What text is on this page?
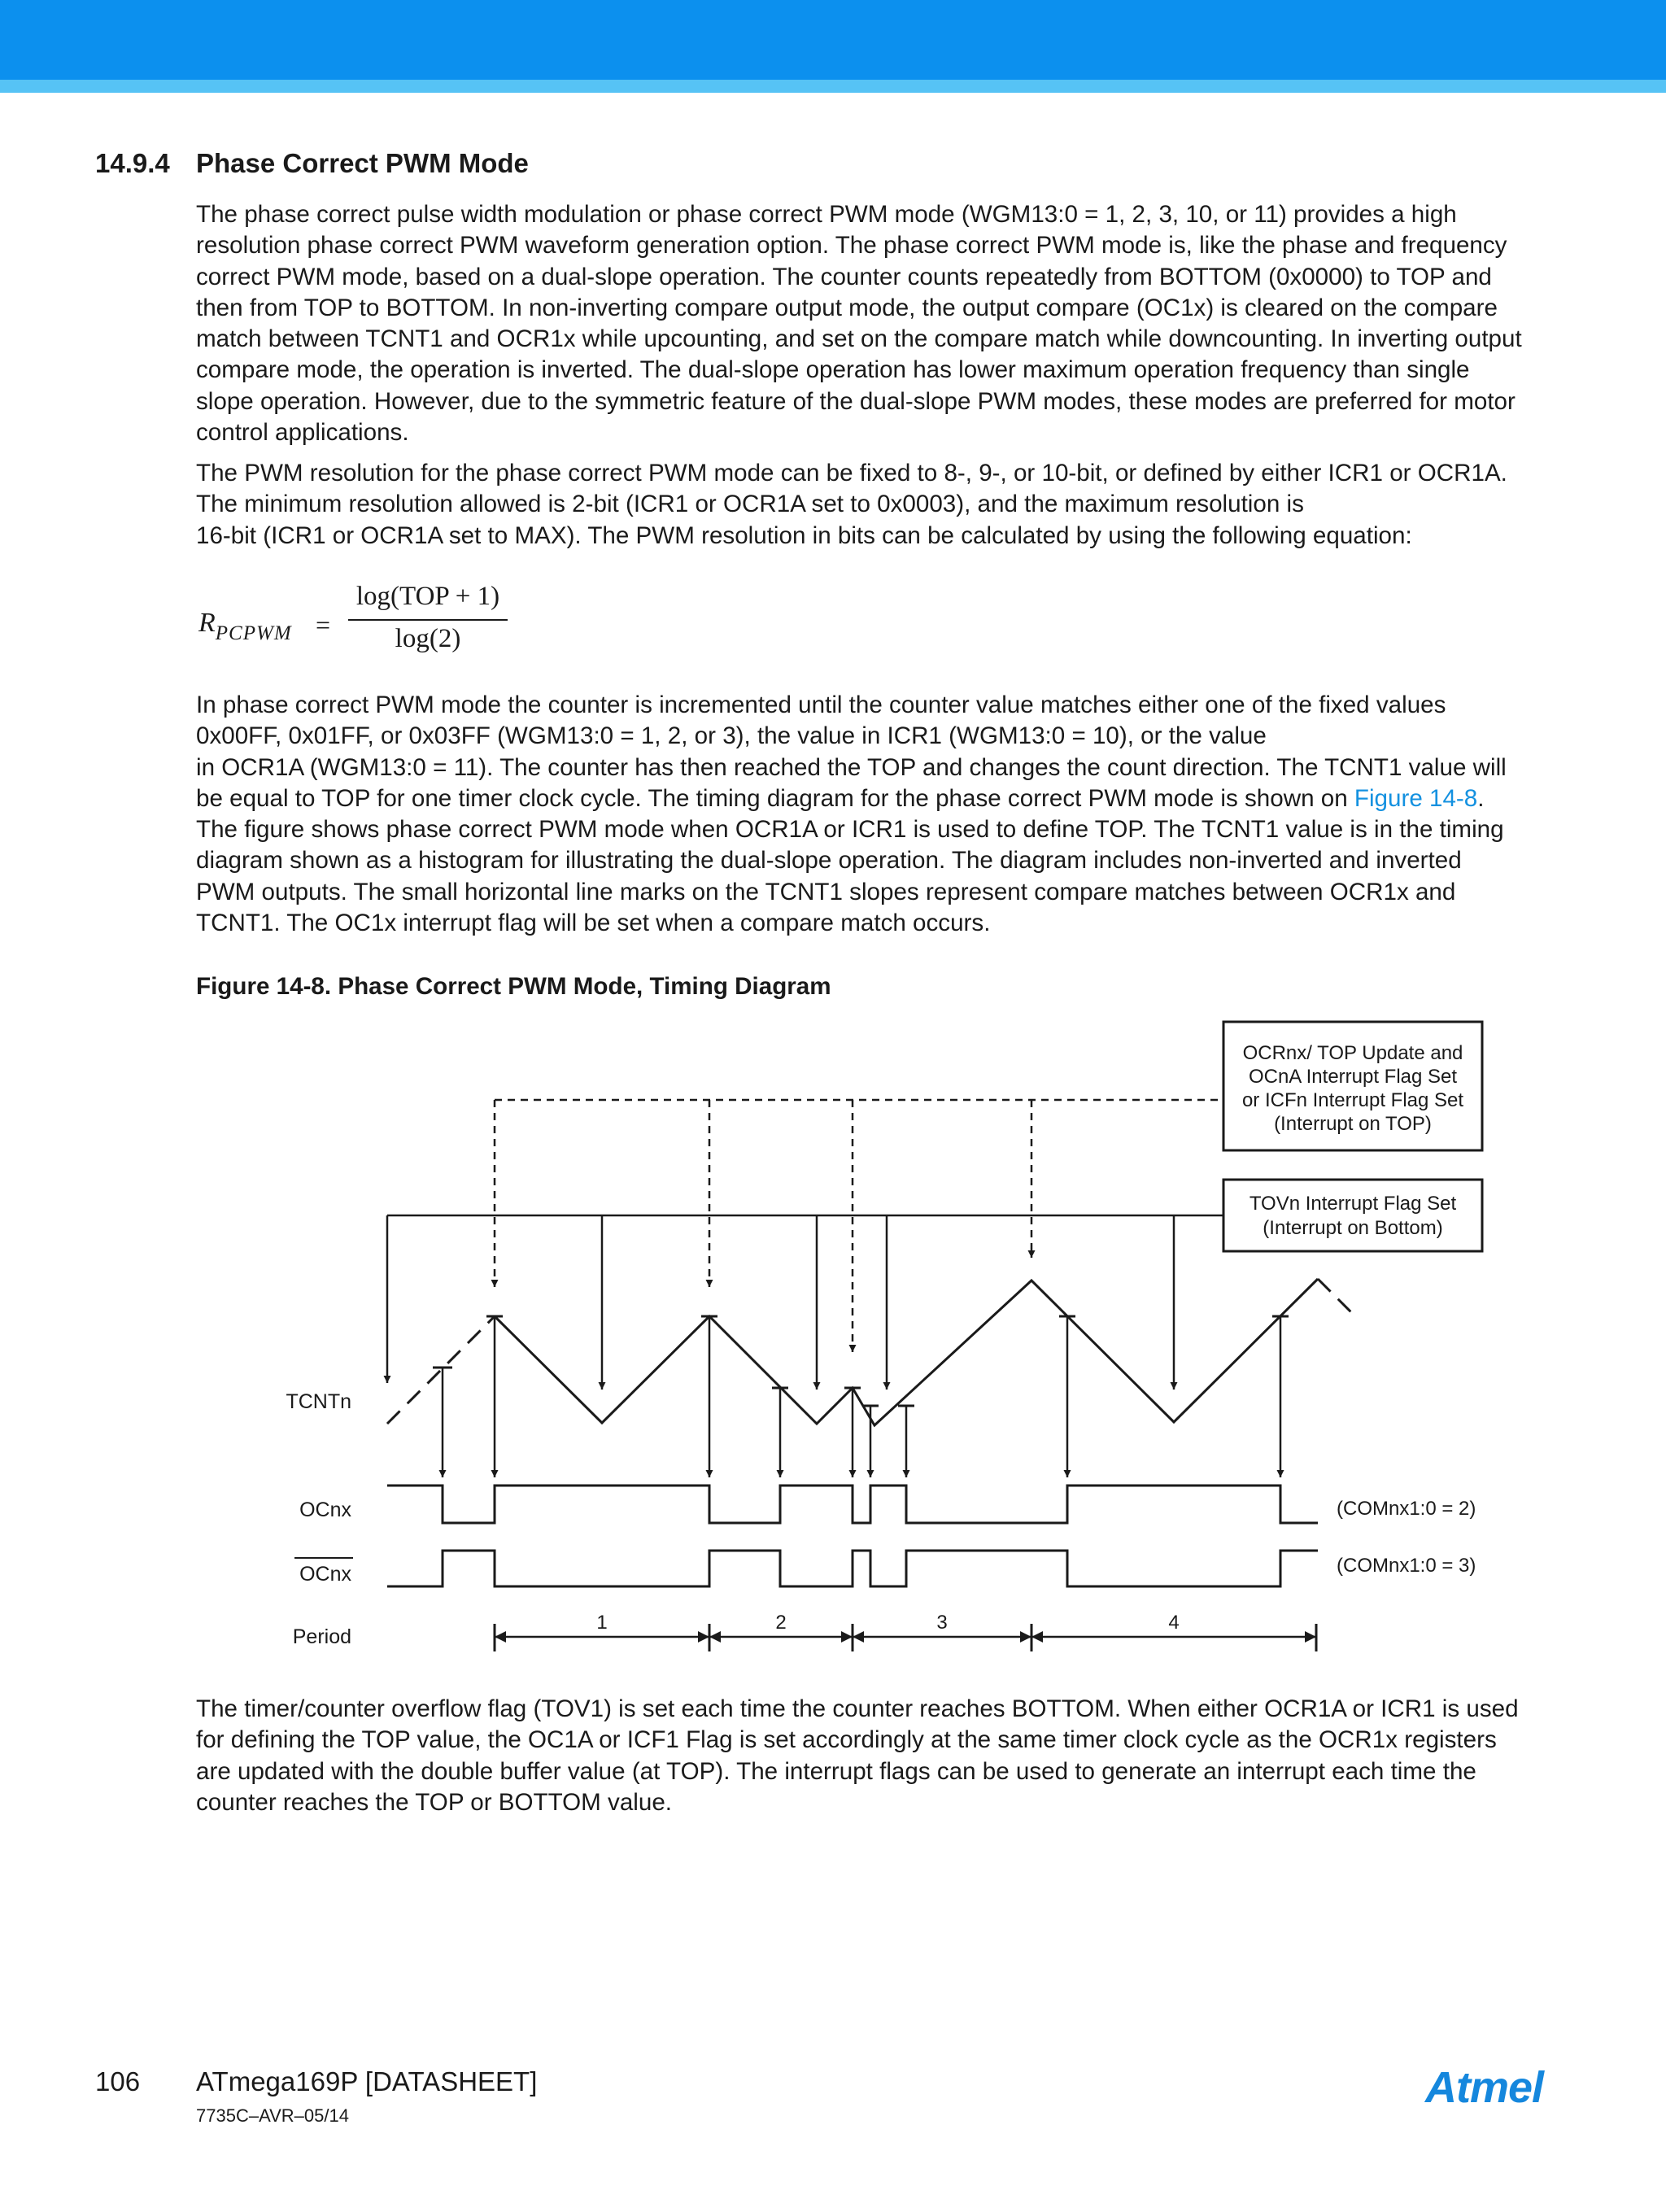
14.9.4 Phase Correct PWM Mode
The phase correct pulse width modulation or phase correct PWM mode (WGM13:0 = 1, 2, 3, 10, or 11) provides a high
resolution phase correct PWM waveform generation option. The phase correct PWM mode is, like the phase and frequency
correct PWM mode, based on a dual-slope operation. The counter counts repeatedly from BOTTOM (0x0000) to TOP and
then from TOP to BOTTOM. In non-inverting compare output mode, the output compare (OC1x) is cleared on the compare
match between TCNT1 and OCR1x while upcounting, and set on the compare match while downcounting. In inverting output
compare mode, the operation is inverted. The dual-slope operation has lower maximum operation frequency than single
slope operation. However, due to the symmetric feature of the dual-slope PWM modes, these modes are preferred for motor
control applications.
The PWM resolution for the phase correct PWM mode can be fixed to 8-, 9-, or 10-bit, or defined by either ICR1 or OCR1A.
The minimum resolution allowed is 2-bit (ICR1 or OCR1A set to 0x0003), and the maximum resolution is
16-bit (ICR1 or OCR1A set to MAX). The PWM resolution in bits can be calculated by using the following equation:
$R_{PCPWM}$ =
log(TOP + 1)
log(2)
In phase correct PWM mode the counter is incremented until the counter value matches either one of the fixed values
0x00FF, 0x01FF, or 0x03FF (WGM13:0 = 1, 2, or 3), the value in ICR1 (WGM13:0 = 10), or the value
in OCR1A (WGM13:0 = 11). The counter has then reached the TOP and changes the count direction. The TCNT1 value will
be equal to TOP for one timer clock cycle. The timing diagram for the phase correct PWM mode is shown on Figure 14-8.
The figure shows phase correct PWM mode when OCR1A or ICR1 is used to define TOP. The TCNT1 value is in the timing
diagram shown as a histogram for illustrating the dual-slope operation. The diagram includes non-inverted and inverted
PWM outputs. The small horizontal line marks on the TCNT1 slopes represent compare matches between OCR1x and
TCNT1. The OC1x interrupt flag will be set when a compare match occurs.
Figure 14-8. Phase Correct PWM Mode, Timing Diagram
OCRnx/ TOP Update and
OCnA Interrupt Flag Set
or ICFn Interrupt Flag Set
(Interrupt on TOP)
TOVn Interrupt Flag Set
(Interrupt on Bottom)
TCNTn
OCnx
OCnx
Period
(COMnx1:0 = 2)
(COMnx1:0 = 3)
1	2	3	4
The timer/counter overflow flag (TOV1) is set each time the counter reaches BOTTOM. When either OCR1A or ICR1 is used
for defining the TOP value, the OC1A or ICF1 Flag is set accordingly at the same timer clock cycle as the OCR1x registers
are updated with the double buffer value (at TOP). The interrupt flags can be used to generate an interrupt each time the
counter reaches the TOP or BOTTOM value.
106 ATmega169P [DATASHEET]
7735C–AVR–05/14
Atmel
